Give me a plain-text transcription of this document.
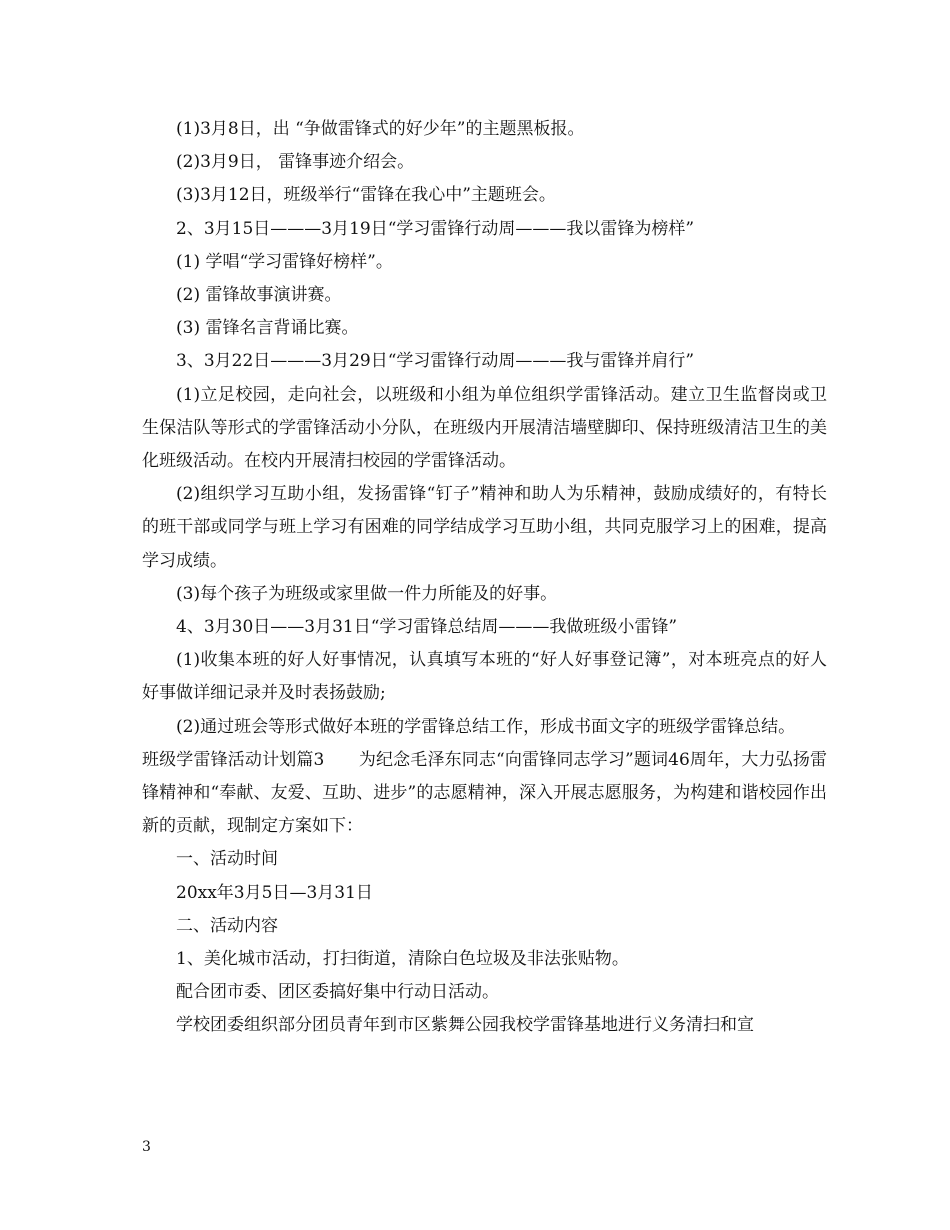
(1)3月8日，出 “争做雷锋式的好少年”的主题黑板报。

(2)3月9日， 雷锋事迹介绍会。

(3)3月12日，班级举行“雷锋在我心中”主题班会。

2、3月15日———3月19日“学习雷锋行动周———我以雷锋为榜样”

(1) 学唱“学习雷锋好榜样”。

(2) 雷锋故事演讲赛。

(3) 雷锋名言背诵比赛。

3、3月22日———3月29日“学习雷锋行动周———我与雷锋并肩行”

(1)立足校园，走向社会，以班级和小组为单位组织学雷锋活动。建立卫生监督岗或卫生保洁队等形式的学雷锋活动小分队，在班级内开展清洁墙壁脚印、保持班级清洁卫生的美化班级活动。在校内开展清扫校园的学雷锋活动。

(2)组织学习互助小组，发扬雷锋“钉子”精神和助人为乐精神，鼓励成绩好的，有特长的班干部或同学与班上学习有困难的同学结成学习互助小组，共同克服学习上的困难，提高学习成绩。

(3)每个孩子为班级或家里做一件力所能及的好事。

4、3月30日——3月31日“学习雷锋总结周———我做班级小雷锋”

(1)收集本班的好人好事情况，认真填写本班的“好人好事登记簿”，对本班亮点的好人好事做详细记录并及时表扬鼓励;

(2)通过班会等形式做好本班的学雷锋总结工作，形成书面文字的班级学雷锋总结。

班级学雷锋活动计划篇3　　为纪念毛泽东同志“向雷锋同志学习”题词46周年，大力弘扬雷锋精神和“奉献、友爱、互助、进步”的志愿精神，深入开展志愿服务，为构建和谐校园作出新的贡献，现制定方案如下：

一、活动时间

20xx年3月5日—3月31日

二、活动内容

1、美化城市活动，打扫街道，清除白色垃圾及非法张贴物。

配合团市委、团区委搞好集中行动日活动。

学校团委组织部分团员青年到市区紫舞公园我校学雷锋基地进行义务清扫和宣

3
